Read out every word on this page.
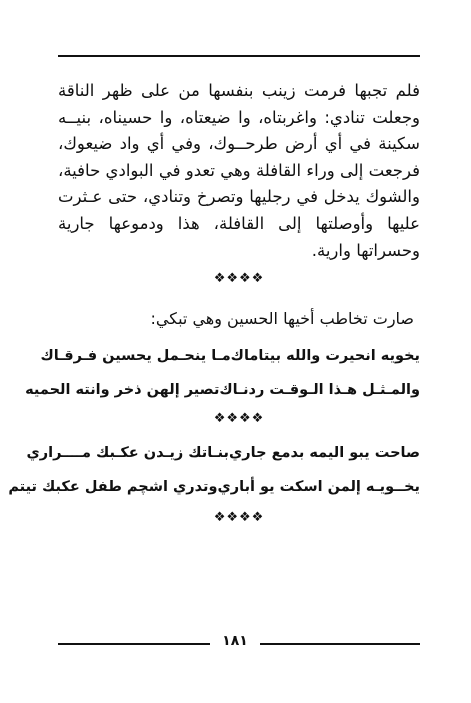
فلم تجبها فرمت زينب بنفسها من على ظهر الناقة وجعلت تنادي: واغربتاه، وا ضيعتاه، وا حسيناه، بنيــه سكينة في أي أرض طرحــوك، وفي أي واد ضيعوك، فرجعت إلى وراء القافلة وهي تعدو في البوادي حافية، والشوك يدخل في رجليها وتصرخ وتنادي، حتى عـثرت عليها وأوصلتها إلى القافلة، هذا ودموعها جارية وحسراتها وارية.

❖❖❖❖
صارت تخاطب أخيها الحسين وهي تبكي:
يخويه انحيرت والله بيتاماك
مـا ينحـمل يحسين فـرقـاك
والمـثـل هـذا الـوقـت ردنـاك
تصير إلهن ذخر وانته الحميه
❖❖❖❖
صاحت يبو اليمه بدمع جاري
بنـاتك زيـدن عكـبك مــــراري
يخــويـه إلمن اسكت يو أباري
وتدري اشچم طفل عكبك تيتم
❖❖❖❖
١٨١
